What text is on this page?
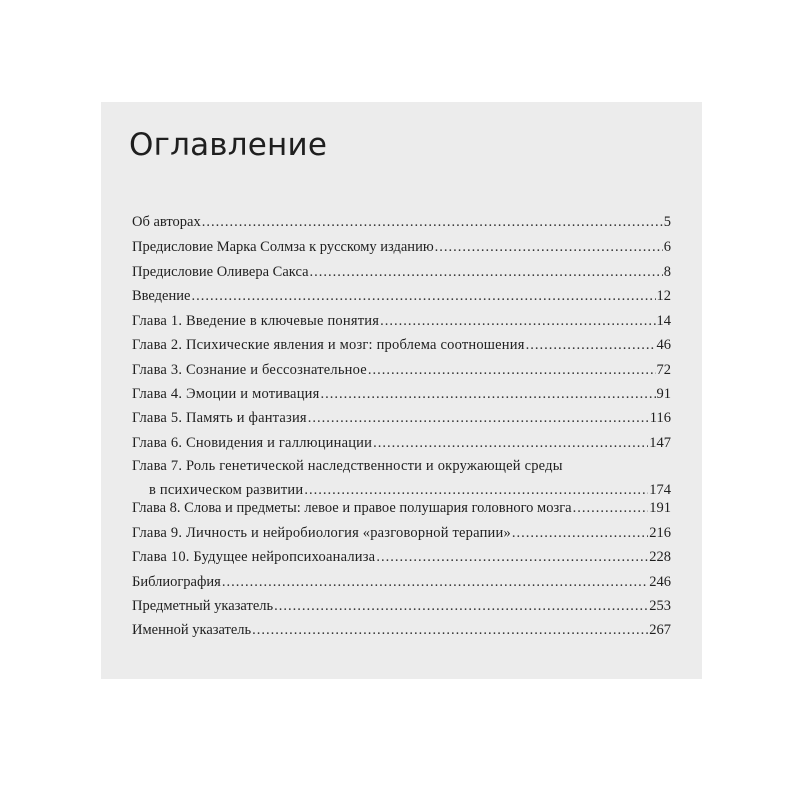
Оглавление
Об авторах .....	5
Предисловие Марка Солмза к русскому изданию .....	6
Предисловие Оливера Сакса .....	8
Введение .....	12
Глава 1. Введение в ключевые понятия .....	14
Глава 2. Психические явления и мозг: проблема соотношения .....	46
Глава 3. Сознание и бессознательное .....	72
Глава 4. Эмоции и мотивация .....	91
Глава 5. Память и фантазия .....	116
Глава 6. Сновидения и галлюцинации .....	147
Глава 7. Роль генетической наследственности и окружающей среды
в психическом развитии .....	174
Глава 8. Слова и предметы: левое и правое полушария головного мозга .....	191
Глава 9. Личность и нейробиология «разговорной терапии» .....	216
Глава 10. Будущее нейропсихоанализа .....	228
Библиография .....	246
Предметный указатель .....	253
Именной указатель .....	267
